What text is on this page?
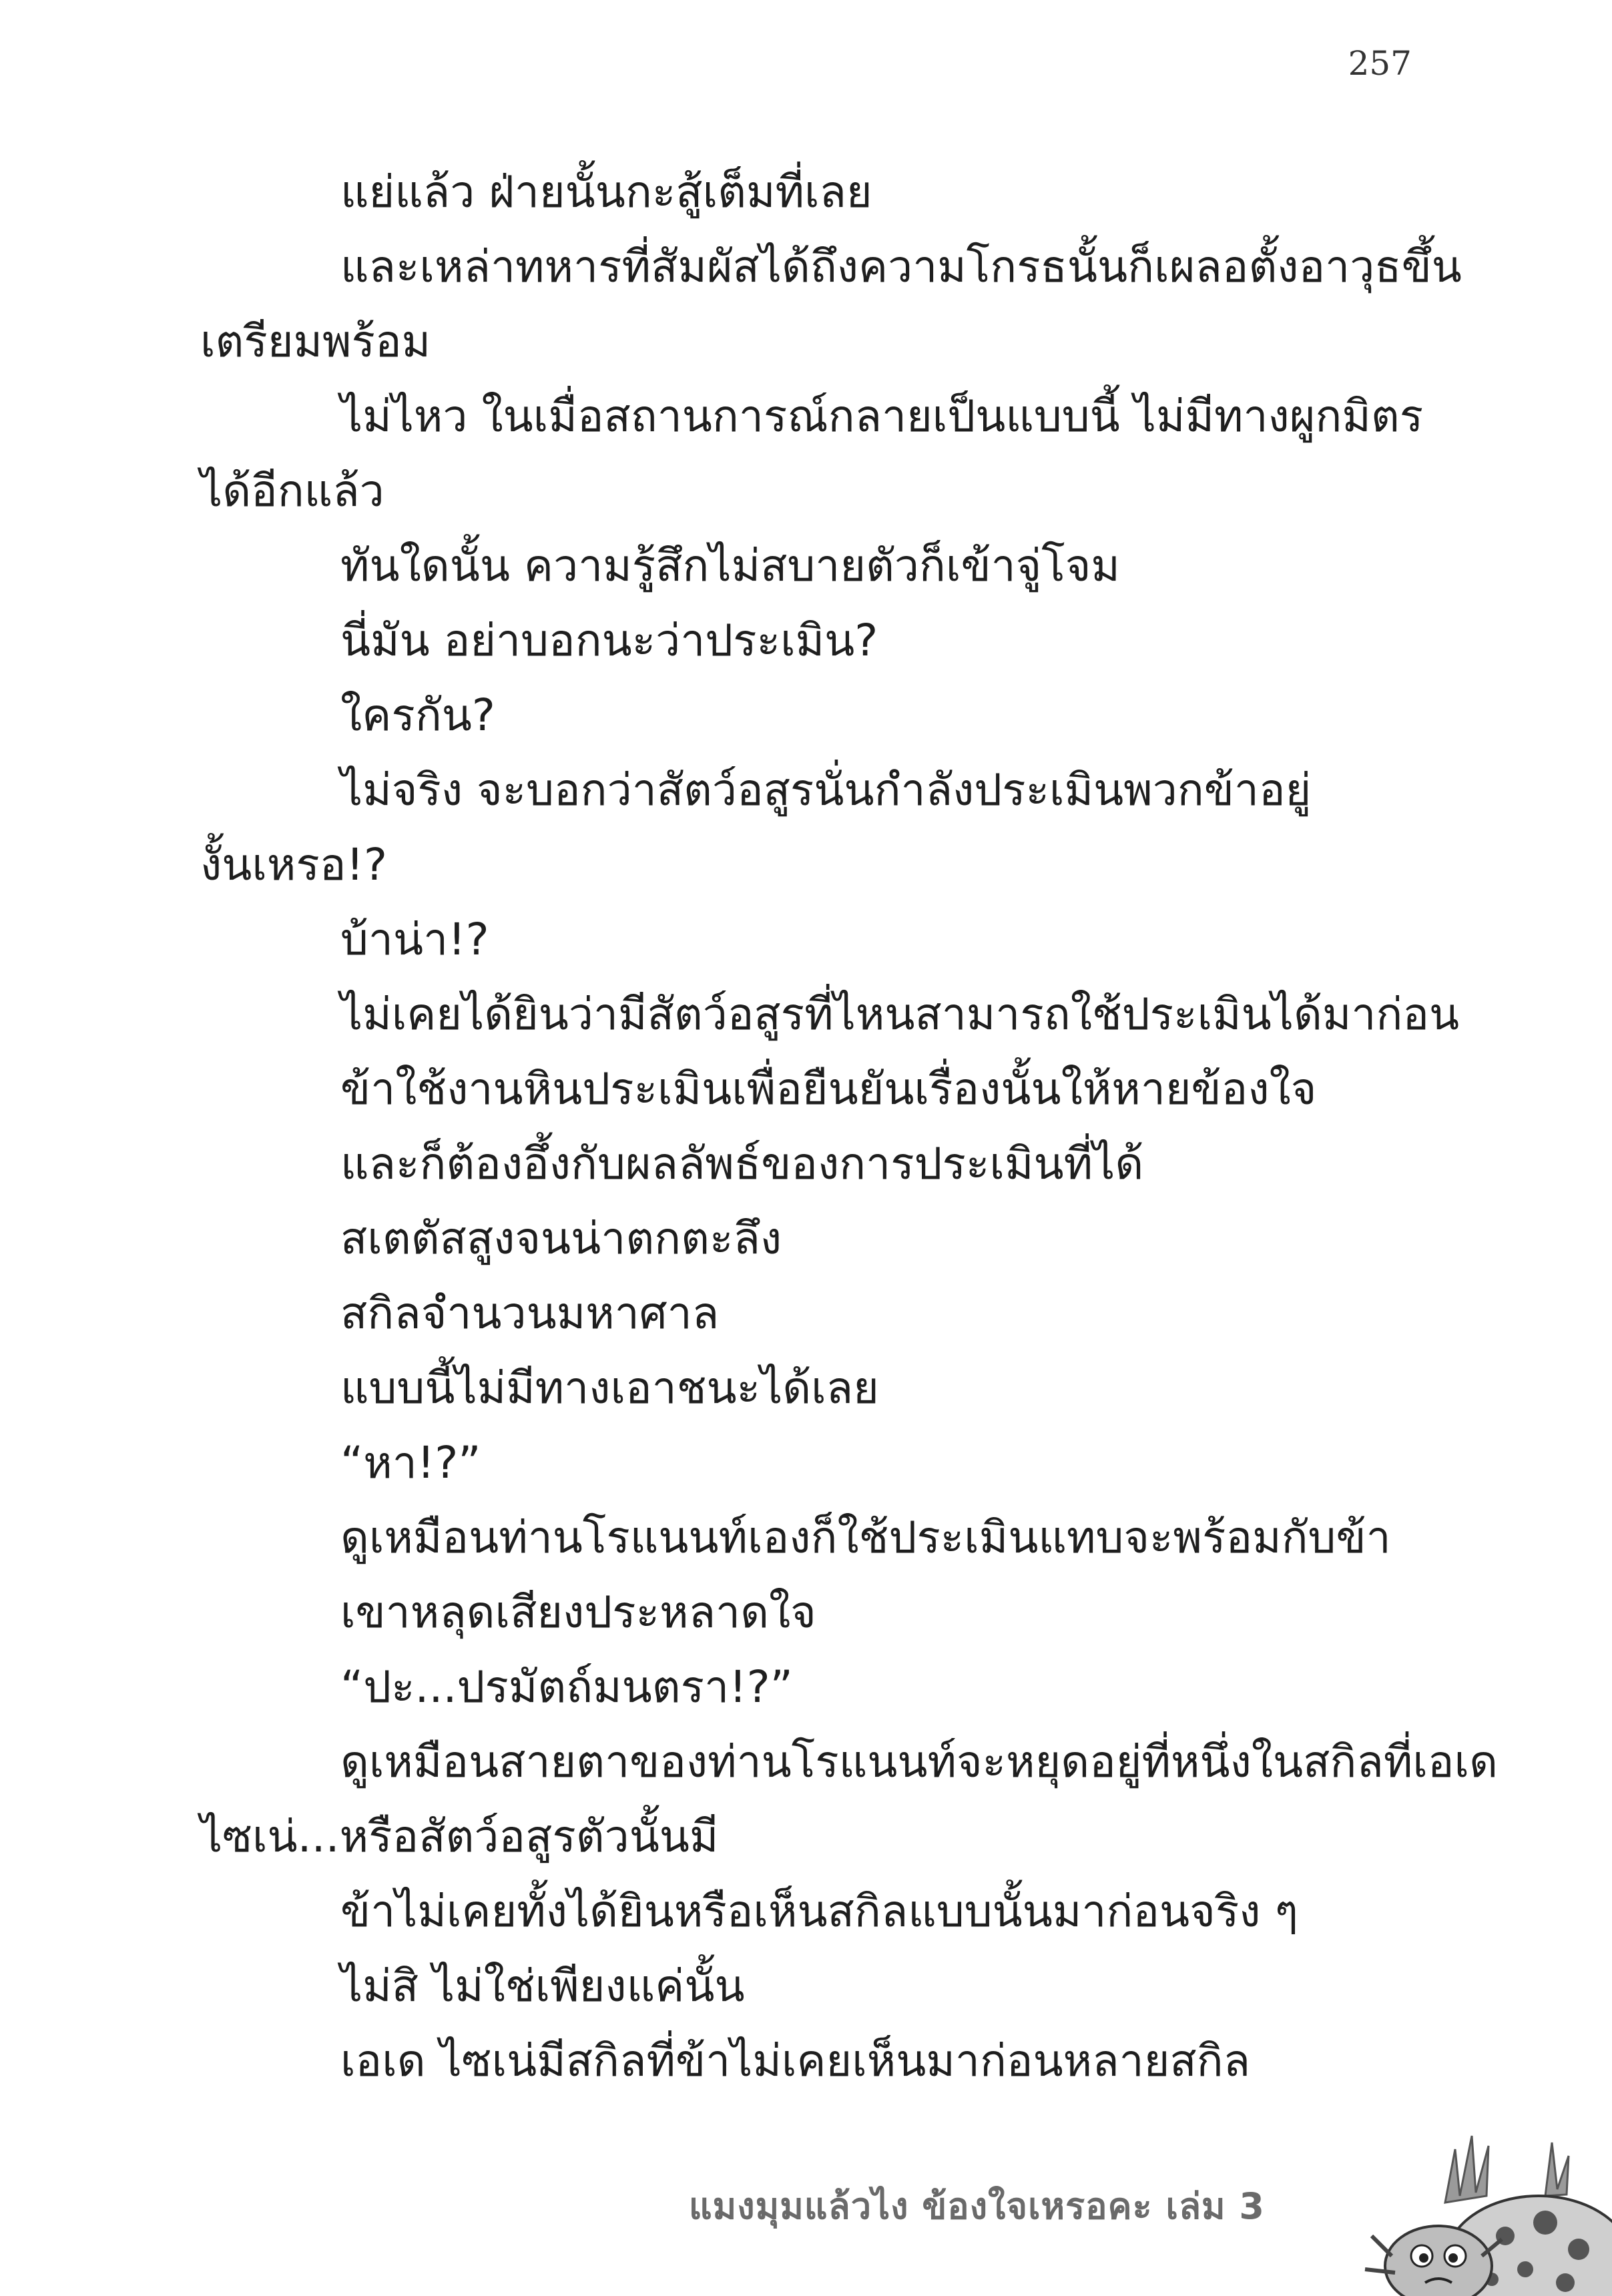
257
แย่แล้ว ฝ่ายนั้นกะสู้เต็มที่เลย
และเหล่าทหารที่สัมผัสได้ถึงความโกรธนั้นก็เผลอตั้งอาวุธขึ้น
เตรียมพร้อม
ไม่ไหว ในเมื่อสถานการณ์กลายเป็นแบบนี้ ไม่มีทางผูกมิตร
ได้อีกแล้ว
ทันใดนั้น ความรู้สึกไม่สบายตัวก็เข้าจู่โจม
นี่มัน อย่าบอกนะว่าประเมิน?
ใครกัน?
ไม่จริง จะบอกว่าสัตว์อสูรนั่นกำลังประเมินพวกข้าอยู่
งั้นเหรอ!?
บ้าน่า!?
ไม่เคยได้ยินว่ามีสัตว์อสูรที่ไหนสามารถใช้ประเมินได้มาก่อน
ข้าใช้งานหินประเมินเพื่อยืนยันเรื่องนั้นให้หายข้องใจ
และก็ต้องอึ้งกับผลลัพธ์ของการประเมินที่ได้
สเตตัสสูงจนน่าตกตะลึง
สกิลจำนวนมหาศาล
แบบนี้ไม่มีทางเอาชนะได้เลย
“หา!?”
ดูเหมือนท่านโรแนนท์เองก็ใช้ประเมินแทบจะพร้อมกับข้า
เขาหลุดเสียงประหลาดใจ
“ปะ...ปรมัตถ์มนตรา!?”
ดูเหมือนสายตาของท่านโรแนนท์จะหยุดอยู่ที่หนึ่งในสกิลที่เอเด
ไซเน่...หรือสัตว์อสูรตัวนั้นมี
ข้าไม่เคยทั้งได้ยินหรือเห็นสกิลแบบนั้นมาก่อนจริง ๆ
ไม่สิ ไม่ใช่เพียงแค่นั้น
เอเด ไซเน่มีสกิลที่ข้าไม่เคยเห็นมาก่อนหลายสกิล
แมงมุมแล้วไง ข้องใจเหรอคะ เล่ม 3
